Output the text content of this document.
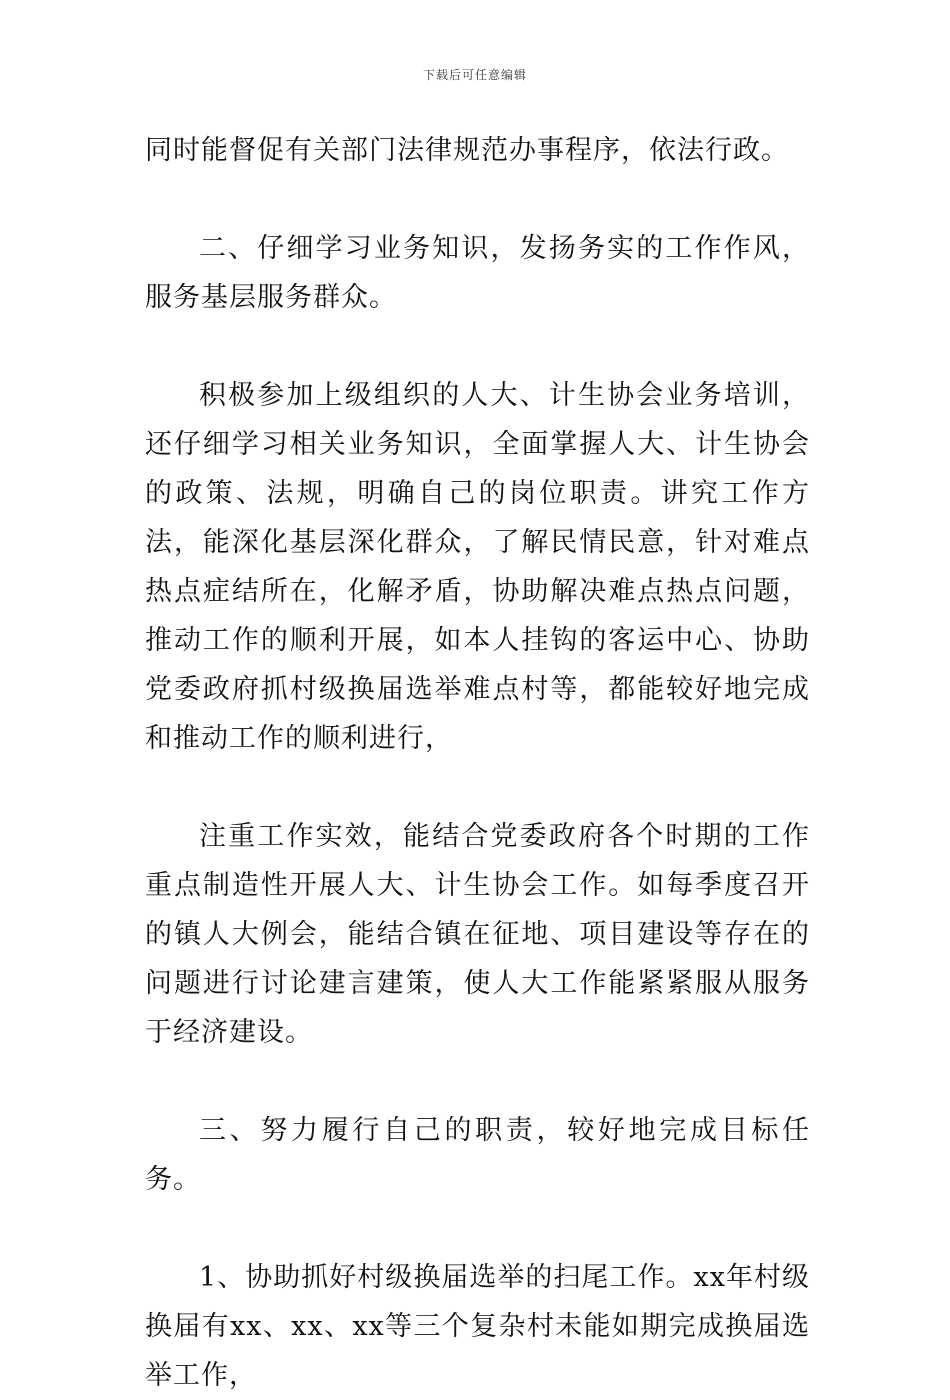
下载后可任意编辑

同时能督促有关部门法律规范办事程序，依法行政。

二、仔细学习业务知识，发扬务实的工作作风，服务基层服务群众。

积极参加上级组织的人大、计生协会业务培训，还仔细学习相关业务知识，全面掌握人大、计生协会的政策、法规，明确自己的岗位职责。讲究工作方法，能深化基层深化群众，了解民情民意，针对难点热点症结所在，化解矛盾，协助解决难点热点问题，推动工作的顺利开展，如本人挂钩的客运中心、协助党委政府抓村级换届选举难点村等，都能较好地完成和推动工作的顺利进行，

注重工作实效，能结合党委政府各个时期的工作重点制造性开展人大、计生协会工作。如每季度召开的镇人大例会，能结合镇在征地、项目建设等存在的问题进行讨论建言建策，使人大工作能紧紧服从服务于经济建设。

三、努力履行自己的职责，较好地完成目标任务。

1、协助抓好村级换届选举的扫尾工作。xx年村级换届有xx、xx、xx等三个复杂村未能如期完成换届选举工作，
